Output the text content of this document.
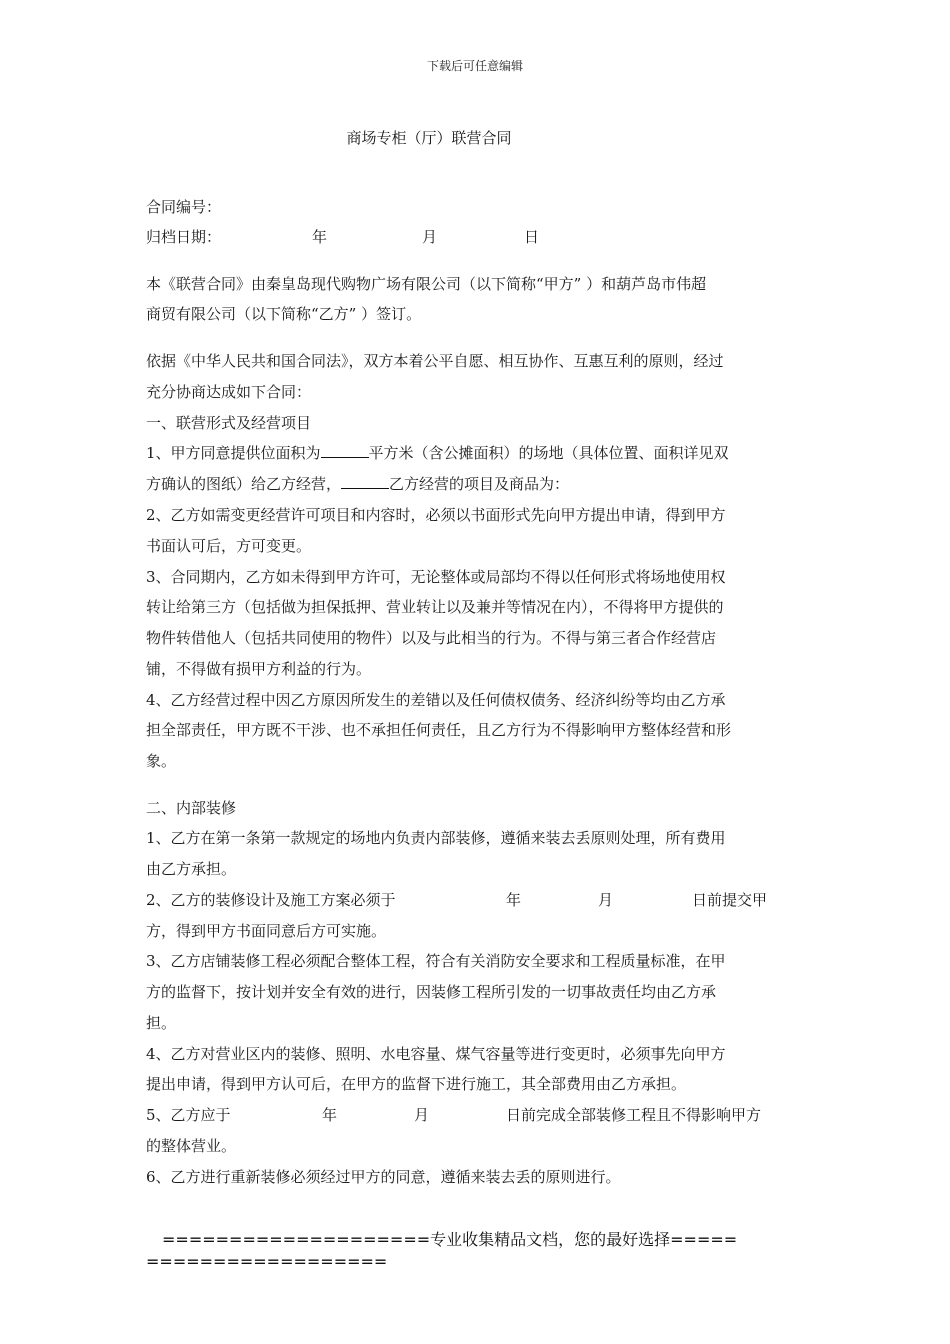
下载后可任意编辑
商场专柜（厅）联营合同
合同编号：
归档日期：	年	月	日
本《联营合同》由秦皇岛现代购物广场有限公司（以下简称“甲方” ）和葫芦岛市伟超
商贸有限公司（以下简称“乙方” ）签订。
依据《中华人民共和国合同法》，双方本着公平自愿、相互协作、互惠互利的原则，经过
充分协商达成如下合同：
一、联营形式及经营项目
1、甲方同意提供位面积为	平方米（含公摊面积）的场地（具体位置、面积详见双
方确认的图纸）给乙方经营，	乙方经营的项目及商品为：
2、乙方如需变更经营许可项目和内容时，必须以书面形式先向甲方提出申请，得到甲方
书面认可后，方可变更。
3、合同期内，乙方如未得到甲方许可，无论整体或局部均不得以任何形式将场地使用权
转让给第三方（包括做为担保抵押、营业转让以及兼并等情况在内），不得将甲方提供的
物件转借他人（包括共同使用的物件）以及与此相当的行为。不得与第三者合作经营店
铺，不得做有损甲方利益的行为。
4、乙方经营过程中因乙方原因所发生的差错以及任何债权债务、经济纠纷等均由乙方承
担全部责任，甲方既不干涉、也不承担任何责任，且乙方行为不得影响甲方整体经营和形
象。
二、内部装修
1、乙方在第一条第一款规定的场地内负责内部装修，遵循来装去丢原则处理，所有费用
由乙方承担。
2、乙方的装修设计及施工方案必须于	年	月	日前提交甲
方，得到甲方书面同意后方可实施。
3、乙方店铺装修工程必须配合整体工程，符合有关消防安全要求和工程质量标准，在甲
方的监督下，按计划并安全有效的进行，因装修工程所引发的一切事故责任均由乙方承
担。
4、乙方对营业区内的装修、照明、水电容量、煤气容量等进行变更时，必须事先向甲方
提出申请，得到甲方认可后，在甲方的监督下进行施工，其全部费用由乙方承担。
5、乙方应于	年	月	日前完成全部装修工程且不得影响甲方
的整体营业。
6、乙方进行重新装修必须经过甲方的同意，遵循来装去丢的原则进行。
====================专业收集精品文档，您的最好选择=====
==================
